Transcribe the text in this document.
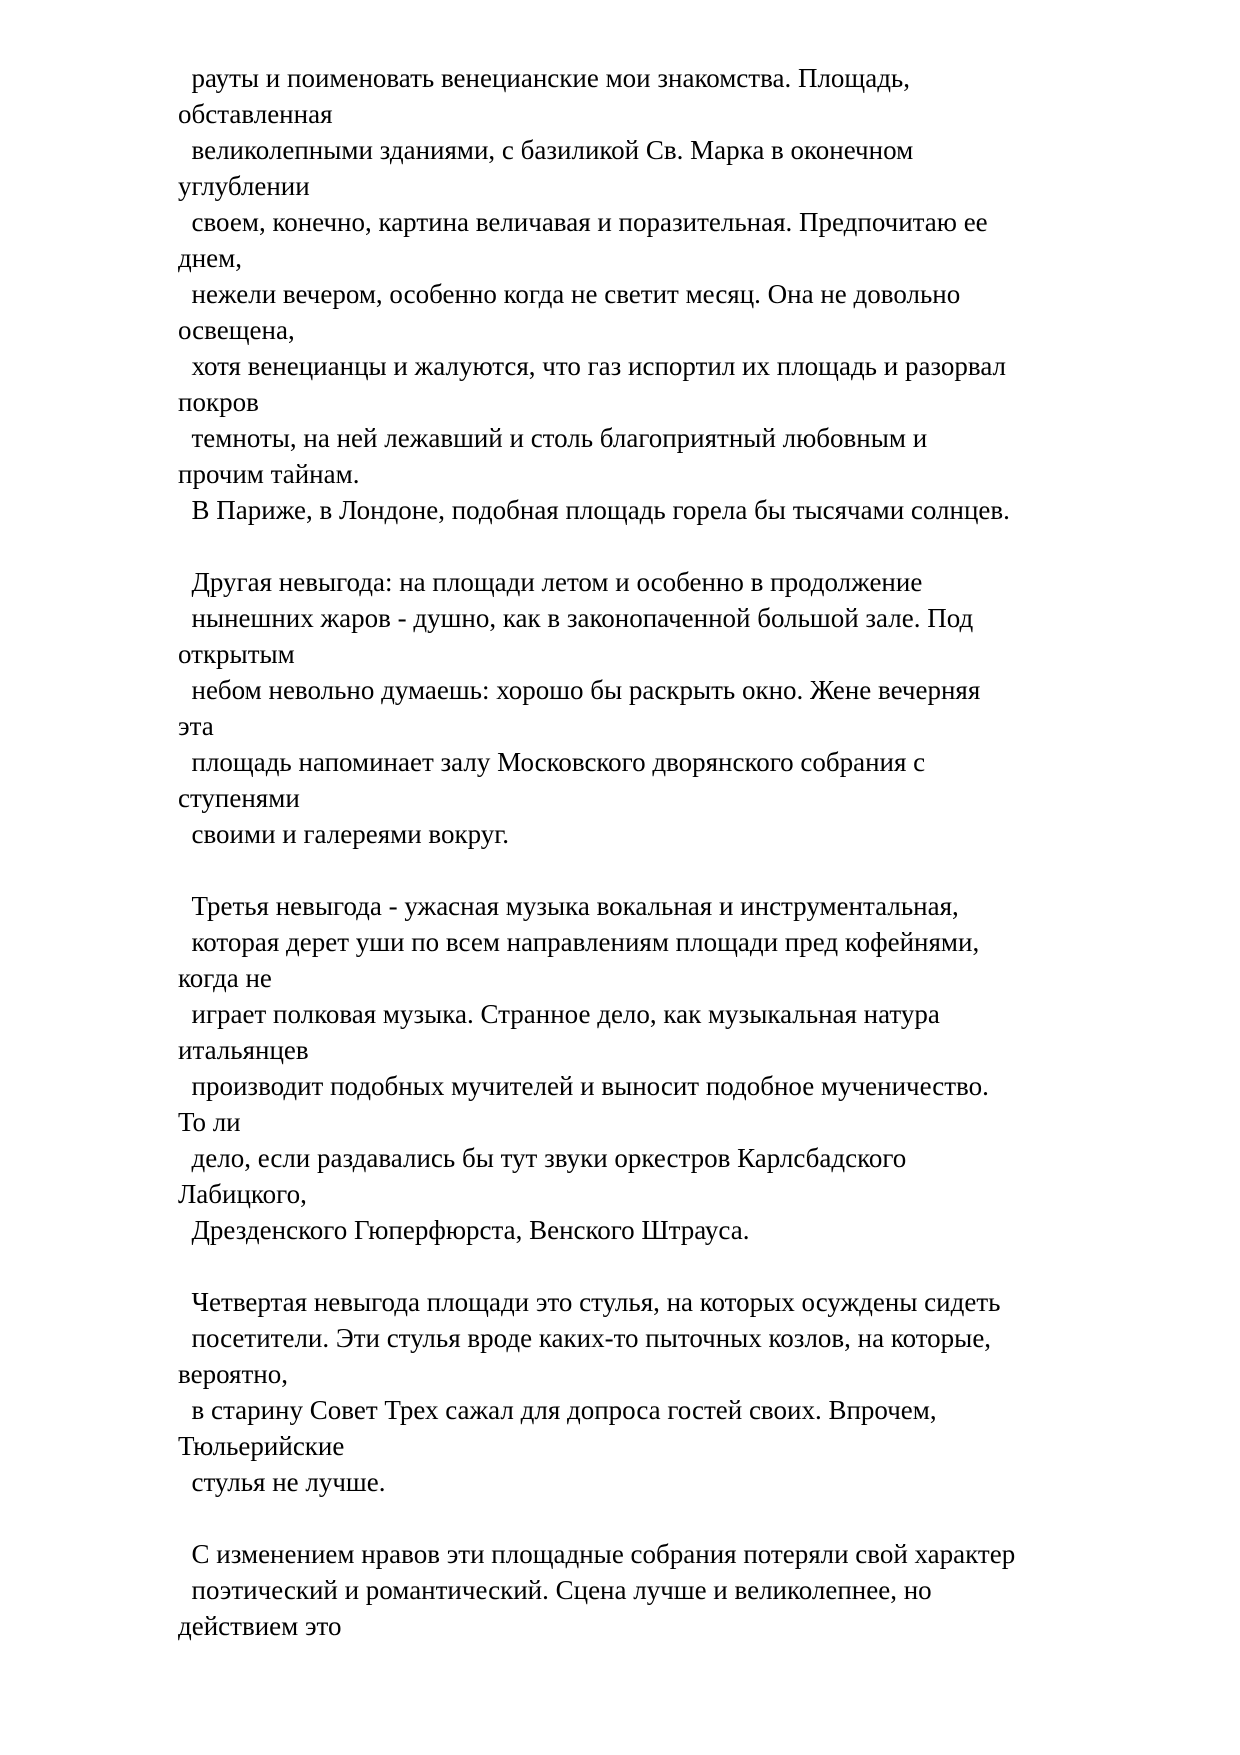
рауты и поименовать венецианские мои знакомства. Площадь,
обставленная
великолепными зданиями, с базиликой Св. Марка в оконечном
углублении
своем, конечно, картина величавая и поразительная. Предпочитаю ее
днем,
нежели вечером, особенно когда не светит месяц. Она не довольно
освещена,
хотя венецианцы и жалуются, что газ испортил их площадь и разорвал
покров
темноты, на ней лежавший и столь благоприятный любовным и
прочим тайнам.
В Париже, в Лондоне, подобная площадь горела бы тысячами солнцев.
Другая невыгода: на площади летом и особенно в продолжение
нынешних жаров - душно, как в законопаченной большой зале. Под
открытым
небом невольно думаешь: хорошо бы раскрыть окно. Жене вечерняя
эта
площадь напоминает залу Московского дворянского собрания с
ступенями
своими и галереями вокруг.
Третья невыгода - ужасная музыка вокальная и инструментальная,
которая дерет уши по всем направлениям площади пред кофейнями,
когда не
играет полковая музыка. Странное дело, как музыкальная натура
итальянцев
производит подобных мучителей и выносит подобное мученичество.
То ли
дело, если раздавались бы тут звуки оркестров Карлсбадского
Лабицкого,
Дрезденского Гюперфюрста, Венского Штрауса.
Четвертая невыгода площади это стулья, на которых осуждены сидеть
посетители. Эти стулья вроде каких-то пыточных козлов, на которые,
вероятно,
в старину Совет Трех сажал для допроса гостей своих. Впрочем,
Тюльерийские
стулья не лучше.
С изменением нравов эти площадные собрания потеряли свой характер
поэтический и романтический. Сцена лучше и великолепнее, но
действием это
